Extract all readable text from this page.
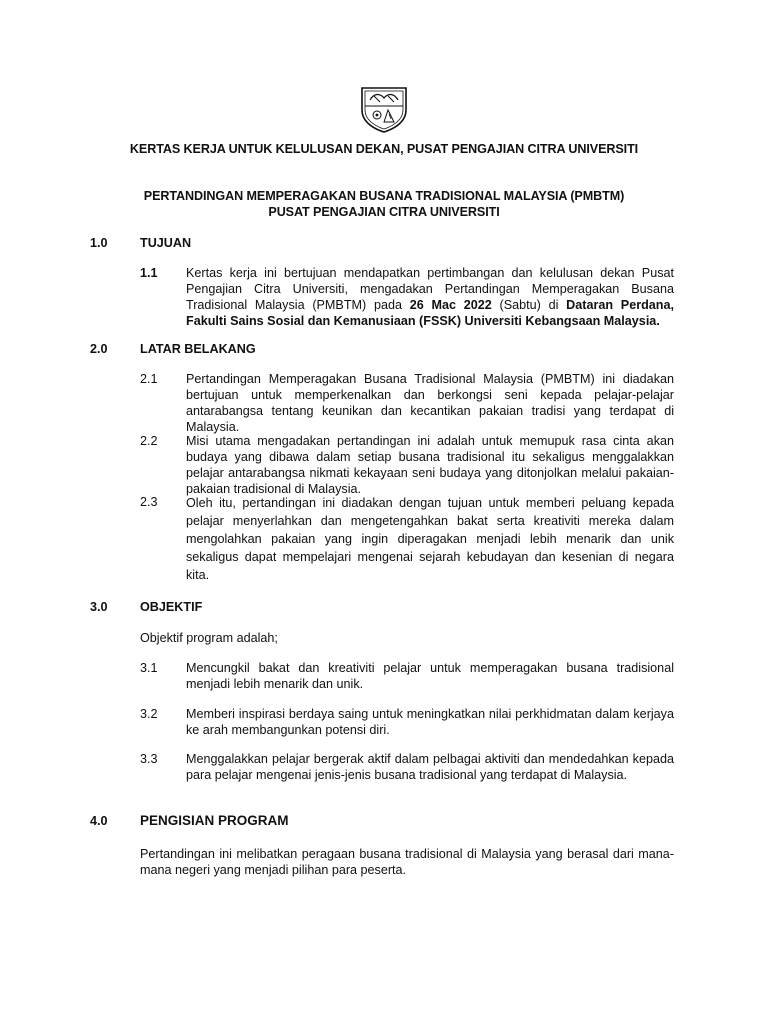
KERTAS KERJA UNTUK KELULUSAN DEKAN, PUSAT PENGAJIAN CITRA UNIVERSITI
PERTANDINGAN MEMPERAGAKAN BUSANA TRADISIONAL MALAYSIA (PMBTM)
PUSAT PENGAJIAN CITRA UNIVERSITI
1.0	TUJUAN
1.1	Kertas kerja ini bertujuan mendapatkan pertimbangan dan kelulusan dekan Pusat Pengajian Citra Universiti, mengadakan Pertandingan Memperagakan Busana Tradisional Malaysia (PMBTM) pada 26 Mac 2022 (Sabtu) di Dataran Perdana, Fakulti Sains Sosial dan Kemanusiaan (FSSK) Universiti Kebangsaan Malaysia.
2.0	LATAR BELAKANG
2.1	Pertandingan Memperagakan Busana Tradisional Malaysia (PMBTM) ini diadakan bertujuan untuk memperkenalkan dan berkongsi seni kepada pelajar-pelajar antarabangsa tentang keunikan dan kecantikan pakaian tradisi yang terdapat di Malaysia.
2.2	Misi utama mengadakan pertandingan ini adalah untuk memupuk rasa cinta akan budaya yang dibawa dalam setiap busana tradisional itu sekaligus menggalakkan pelajar antarabangsa nikmati kekayaan seni budaya yang ditonjolkan melalui pakaian-pakaian tradisional di Malaysia.
2.3	Oleh itu, pertandingan ini diadakan dengan tujuan untuk memberi peluang kepada pelajar menyerlahkan dan mengetengahkan bakat serta kreativiti mereka dalam mengolahkan pakaian yang ingin diperagakan menjadi lebih menarik dan unik sekaligus dapat mempelajari mengenai sejarah kebudayan dan kesenian di negara kita.
3.0	OBJEKTIF
Objektif program adalah;
3.1	Mencungkil bakat dan kreativiti pelajar untuk memperagakan busana tradisional menjadi lebih menarik dan unik.
3.2	Memberi inspirasi berdaya saing untuk meningkatkan nilai perkhidmatan dalam kerjaya ke arah membangunkan potensi diri.
3.3	Menggalakkan pelajar bergerak aktif dalam pelbagai aktiviti dan mendedahkan kepada para pelajar mengenai jenis-jenis busana tradisional yang terdapat di Malaysia.
4.0	PENGISIAN PROGRAM
Pertandingan ini melibatkan peragaan busana tradisional di Malaysia yang berasal dari mana-mana negeri yang menjadi pilihan para peserta.
